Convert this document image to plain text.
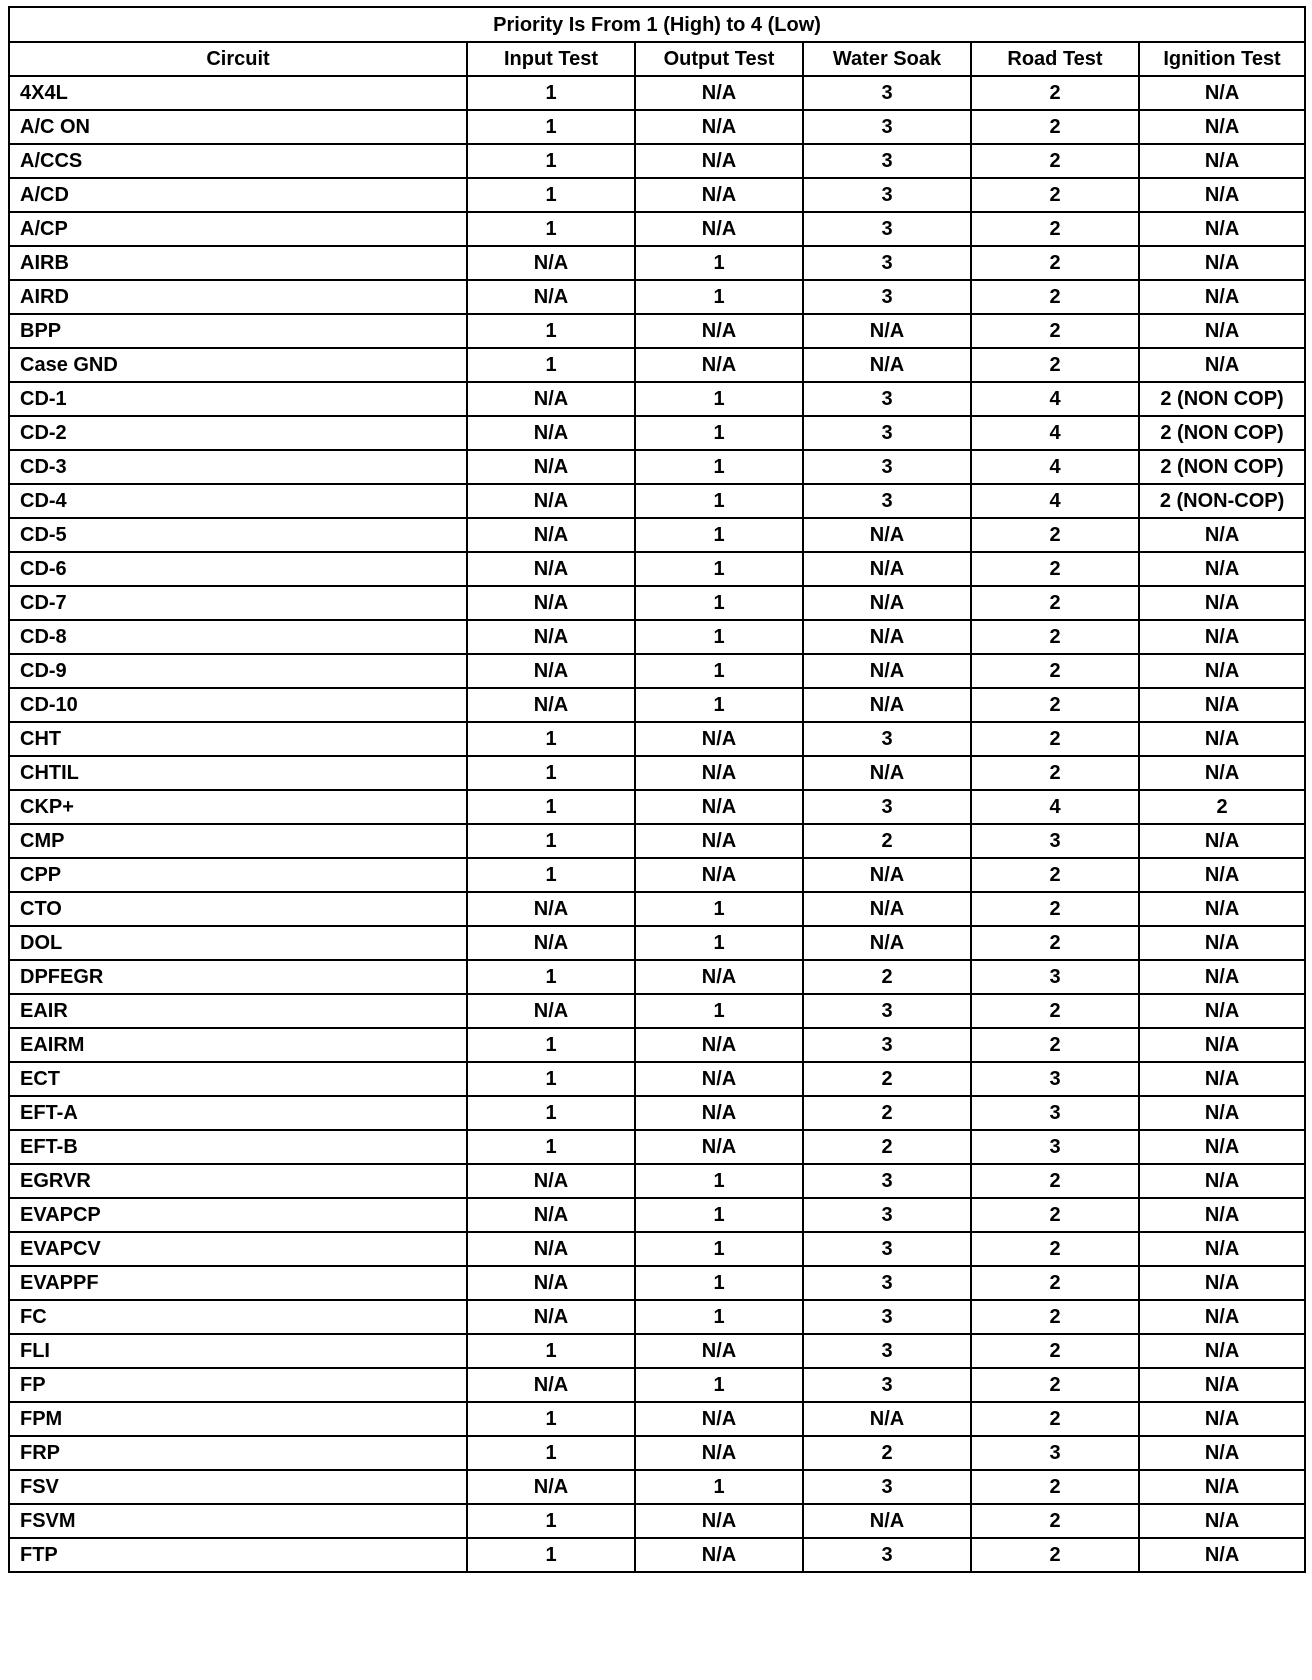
Priority Is From 1 (High) to 4 (Low)					
Circuit	Input Test	Output Test	Water Soak	Road Test	Ignition Test
4X4L	1	N/A	3	2	N/A
A/C ON	1	N/A	3	2	N/A
A/CCS	1	N/A	3	2	N/A
A/CD	1	N/A	3	2	N/A
A/CP	1	N/A	3	2	N/A
AIRB	N/A	1	3	2	N/A
AIRD	N/A	1	3	2	N/A
BPP	1	N/A	N/A	2	N/A
Case GND	1	N/A	N/A	2	N/A
CD-1	N/A	1	3	4	2 (NON COP)
CD-2	N/A	1	3	4	2 (NON COP)
CD-3	N/A	1	3	4	2 (NON COP)
CD-4	N/A	1	3	4	2 (NON-COP)
CD-5	N/A	1	N/A	2	N/A
CD-6	N/A	1	N/A	2	N/A
CD-7	N/A	1	N/A	2	N/A
CD-8	N/A	1	N/A	2	N/A
CD-9	N/A	1	N/A	2	N/A
CD-10	N/A	1	N/A	2	N/A
CHT	1	N/A	3	2	N/A
CHTIL	1	N/A	N/A	2	N/A
CKP+	1	N/A	3	4	2
CMP	1	N/A	2	3	N/A
CPP	1	N/A	N/A	2	N/A
CTO	N/A	1	N/A	2	N/A
DOL	N/A	1	N/A	2	N/A
DPFEGR	1	N/A	2	3	N/A
EAIR	N/A	1	3	2	N/A
EAIRM	1	N/A	3	2	N/A
ECT	1	N/A	2	3	N/A
EFT-A	1	N/A	2	3	N/A
EFT-B	1	N/A	2	3	N/A
EGRVR	N/A	1	3	2	N/A
EVAPCP	N/A	1	3	2	N/A
EVAPCV	N/A	1	3	2	N/A
EVAPPF	N/A	1	3	2	N/A
FC	N/A	1	3	2	N/A
FLI	1	N/A	3	2	N/A
FP	N/A	1	3	2	N/A
FPM	1	N/A	N/A	2	N/A
FRP	1	N/A	2	3	N/A
FSV	N/A	1	3	2	N/A
FSVM	1	N/A	N/A	2	N/A
FTP	1	N/A	3	2	N/A
